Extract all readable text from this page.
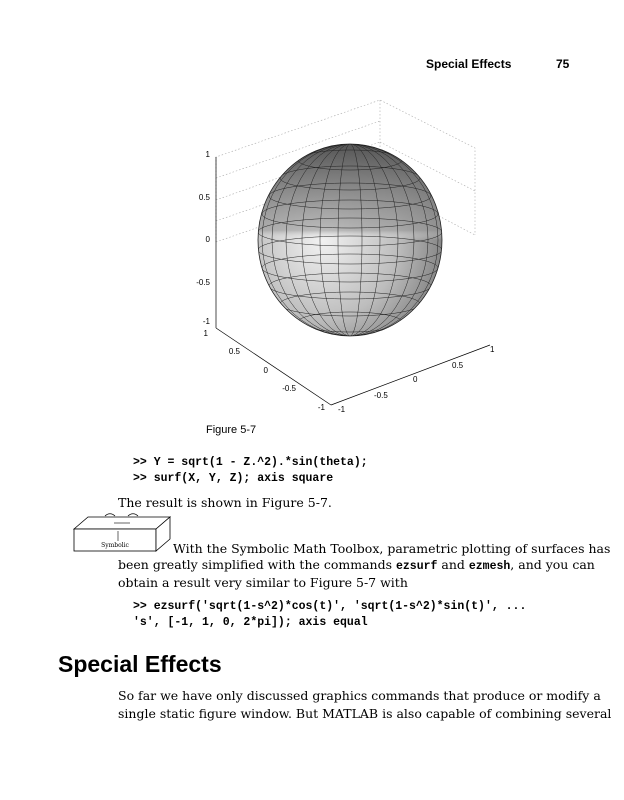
Special Effects	75
1
0.5
0
-0.5
-1
1
0.5
0
-0.5
-1 -1
-0.5
0
0.5
1
Figure 5-7
>> Y = sqrt(1 - Z.^2).*sin(theta);
>> surf(X, Y, Z); axis square
The result is shown in Figure 5-7.
Symbolic	With the Symbolic Math Toolbox, parametric plotting of surfaces has
been greatly simplified with the commands ezsurf and ezmesh, and you can
obtain a result very similar to Figure 5-7 with
>> ezsurf('sqrt(1-s^2)*cos(t)', 'sqrt(1-s^2)*sin(t)', ...
's', [-1, 1, 0, 2*pi]); axis equal
Special Effects
So far we have only discussed graphics commands that produce or modify a
single static figure window. But MATLAB is also capable of combining several
